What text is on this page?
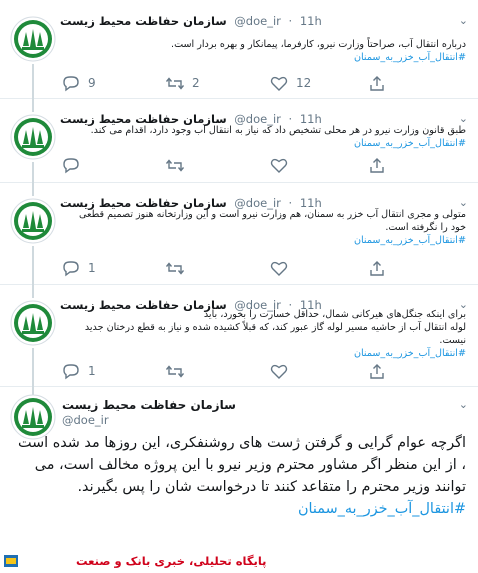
سازمان حفاظت محیط زیست @doe_ir · 11h	⌄
درباره انتقال آب، صراحتاً وزارت نیرو، کارفرما، پیمانکار و بهره بردار است.
#انتقال_آب_خزر_به_سمنان
9	2	12
سازمان حفاظت محیط زیست @doe_ir · 11h	⌄
طبق قانون وزارت نیرو در هر محلی تشخیص داد که نیاز به انتقال آب وجود دارد، اقدام می کند.
#انتقال_آب_خزر_به_سمنان
سازمان حفاظت محیط زیست @doe_ir · 11h	⌄
متولی و مجری انتقال آب خزر به سمنان، هم وزارت نیرو است و این وزارتخانه هنوز تصمیم قطعی خود را نگرفته است.
#انتقال_آب_خزر_به_سمنان
1
سازمان حفاظت محیط زیست @doe_ir · 11h	⌄
برای اینکه جنگل‌های هیرکانی شمال، حداقل خسارت را بخورد، باید
لوله انتقال آب از حاشیه مسیر لوله گاز عبور کند، که قبلاً کشیده شده و نیاز به قطع درختان جدید نیست.
#انتقال_آب_خزر_به_سمنان
1
سازمان حفاظت محیط زیست
@doe_ir
⌄
اگرچه عوام گرایی و گرفتن ژست های روشنفکری، این روزها مد شده است ، از این منظر اگر مشاور محترم وزیر نیرو با این پروژه مخالف است، می توانند وزیر محترم را متقاعد کنند تا درخواست شان را پس بگیرند. #انتقال_آب_خزر_به_سمنان
پایگاه تحلیلی، خبری بانک و صنعت
